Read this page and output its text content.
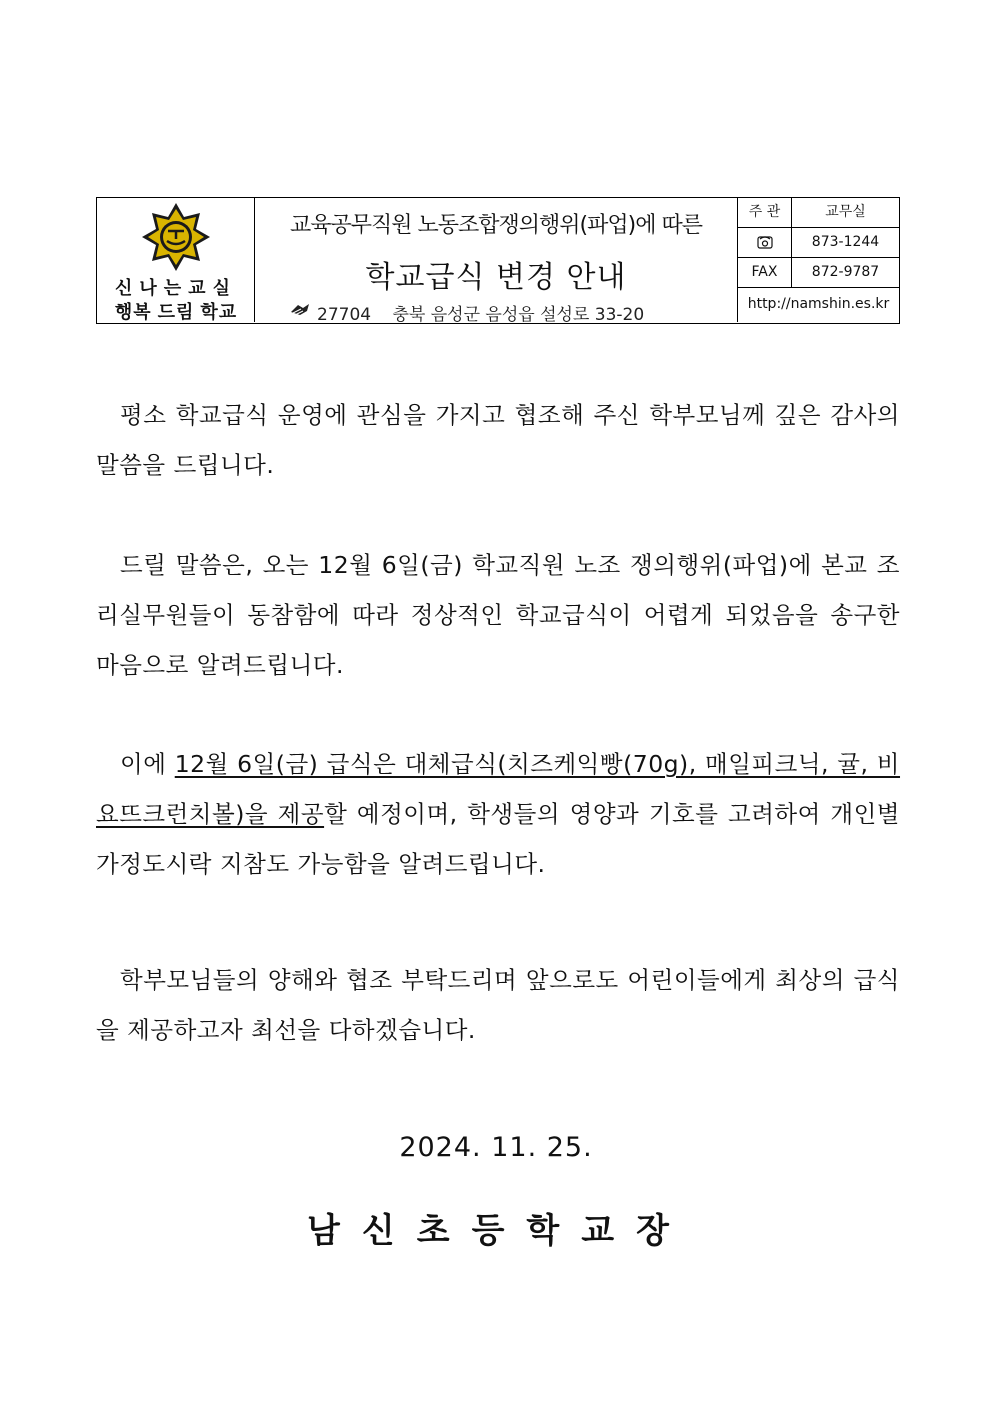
신나는교실
행복 드림 학교
교육공무직원 노동조합쟁의행위(파업)에 따른
학교급식 변경 안내
27704 충북 음성군 음성읍 설성로 33-20
주 관	교무실
873-1244
FAX	872-9787
http://namshin.es.kr
평소 학교급식 운영에 관심을 가지고 협조해 주신 학부모님께 깊은 감사의 말씀을 드립니다.
드릴 말씀은, 오는 12월 6일(금) 학교직원 노조 쟁의행위(파업)에 본교 조리실무원들이 동참함에 따라 정상적인 학교급식이 어렵게 되었음을 송구한 마음으로 알려드립니다.
이에 12월 6일(금) 급식은 대체급식(치즈케익빵(70g), 매일피크닉, 귤, 비요뜨크런치볼)을 제공할 예정이며, 학생들의 영양과 기호를 고려하여 개인별 가정도시락 지참도 가능함을 알려드립니다.
학부모님들의 양해와 협조 부탁드리며 앞으로도 어린이들에게 최상의 급식을 제공하고자 최선을 다하겠습니다.
2024. 11. 25.
남신초등학교장
